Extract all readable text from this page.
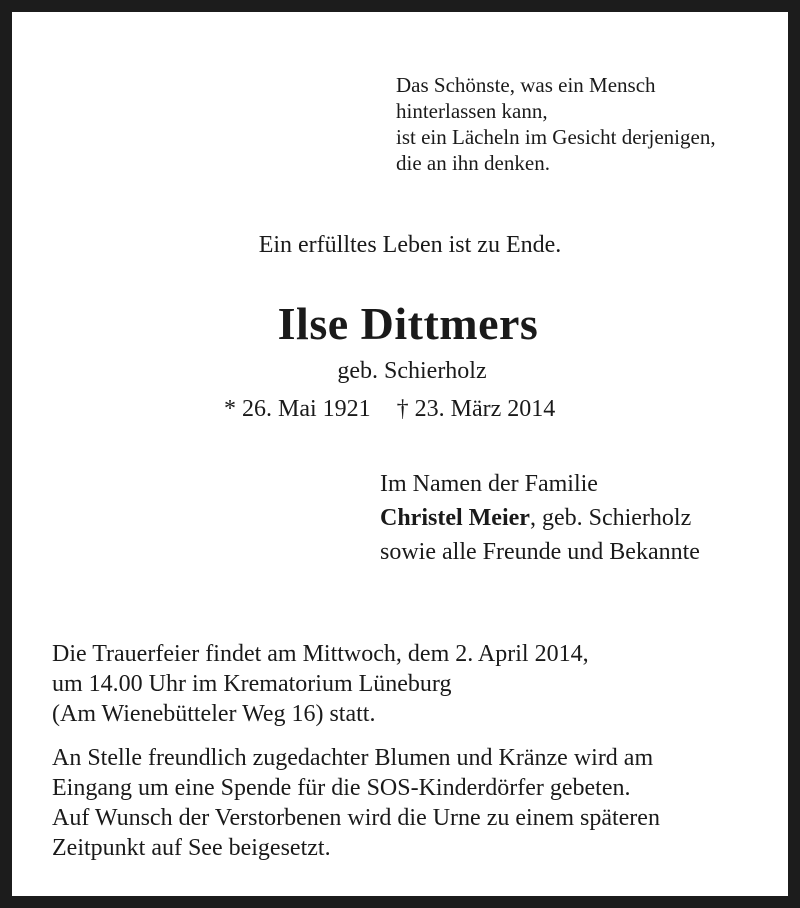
Das Schönste, was ein Mensch
hinterlassen kann,
ist ein Lächeln im Gesicht derjenigen,
die an ihn denken.
Ein erfülltes Leben ist zu Ende.
Ilse Dittmers
geb. Schierholz
* 26. Mai 1921 † 23. März 2014
Im Namen der Familie
Christel Meier, geb. Schierholz
sowie alle Freunde und Bekannte
Die Trauerfeier findet am Mittwoch, dem 2. April 2014,
um 14.00 Uhr im Krematorium Lüneburg
(Am Wienebütteler Weg 16) statt.
An Stelle freundlich zugedachter Blumen und Kränze wird am
Eingang um eine Spende für die SOS-Kinderdörfer gebeten.
Auf Wunsch der Verstorbenen wird die Urne zu einem späteren
Zeitpunkt auf See beigesetzt.
